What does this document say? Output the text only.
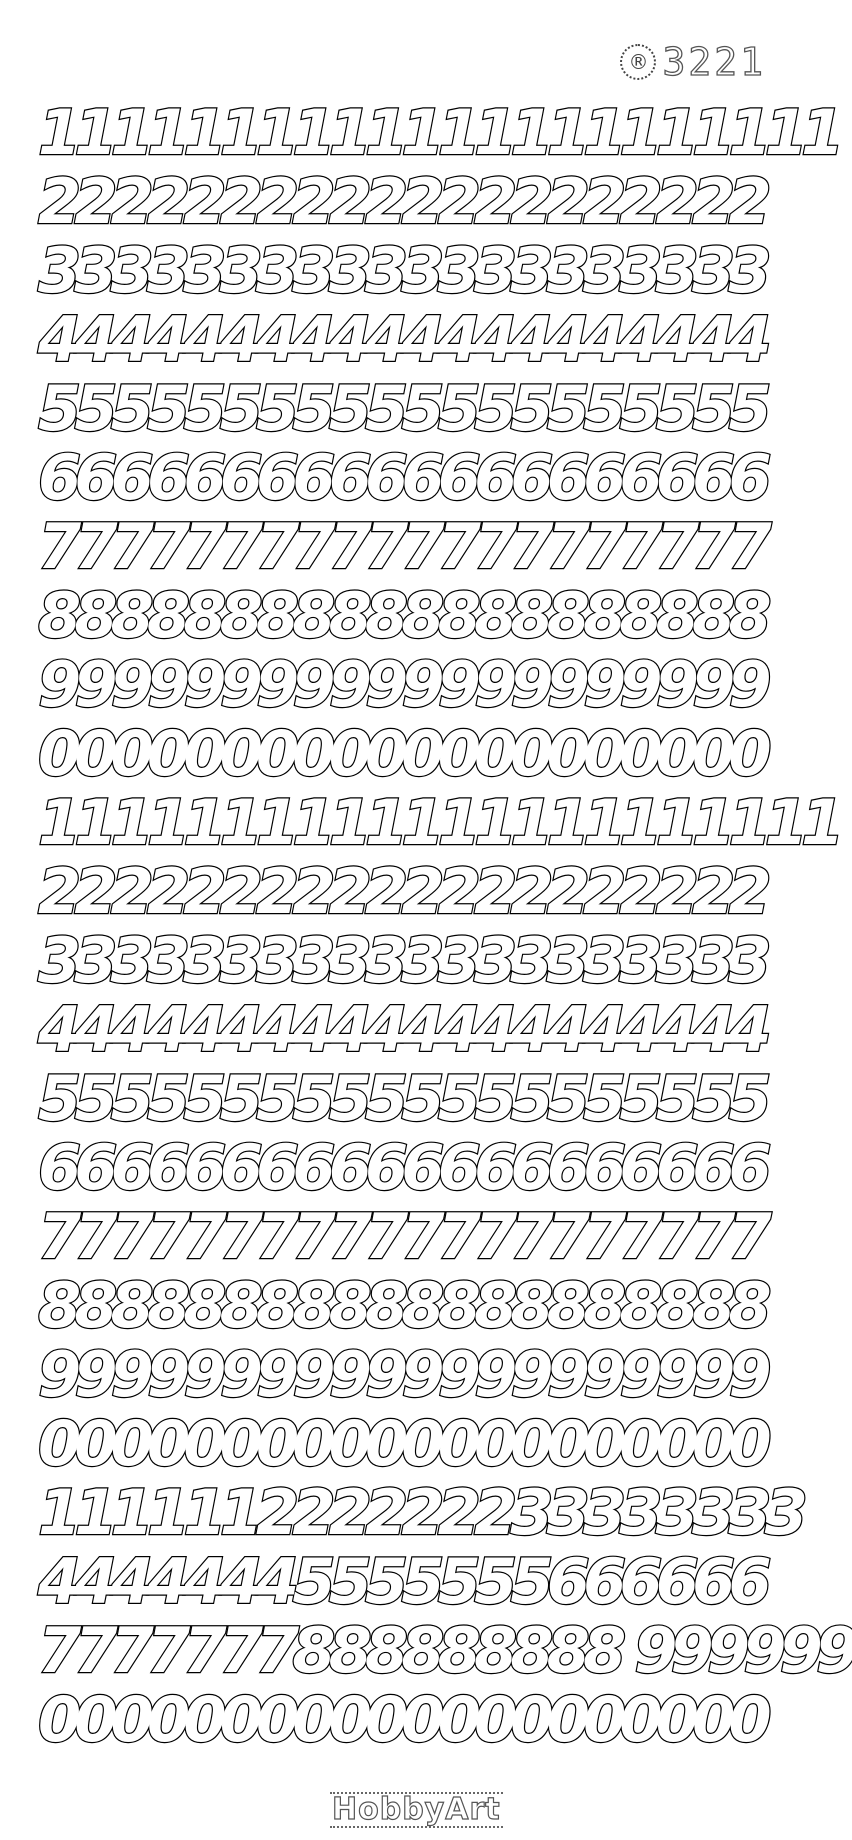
® 3221
1111111111111111111111
22222222222222222222
33333333333333333333
44444444444444444444
55555555555555555555
66666666666666666666
77777777777777777777
88888888888888888888
99999999999999999999
00000000000000000000
1111111111111111111111
22222222222222222222
33333333333333333333
44444444444444444444
55555555555555555555
66666666666666666666
77777777777777777777
88888888888888888888
99999999999999999999
00000000000000000000
111111222222233333333
44444445555555666666
7777777888888888 999999
00000000000000000000
HobbyArt
